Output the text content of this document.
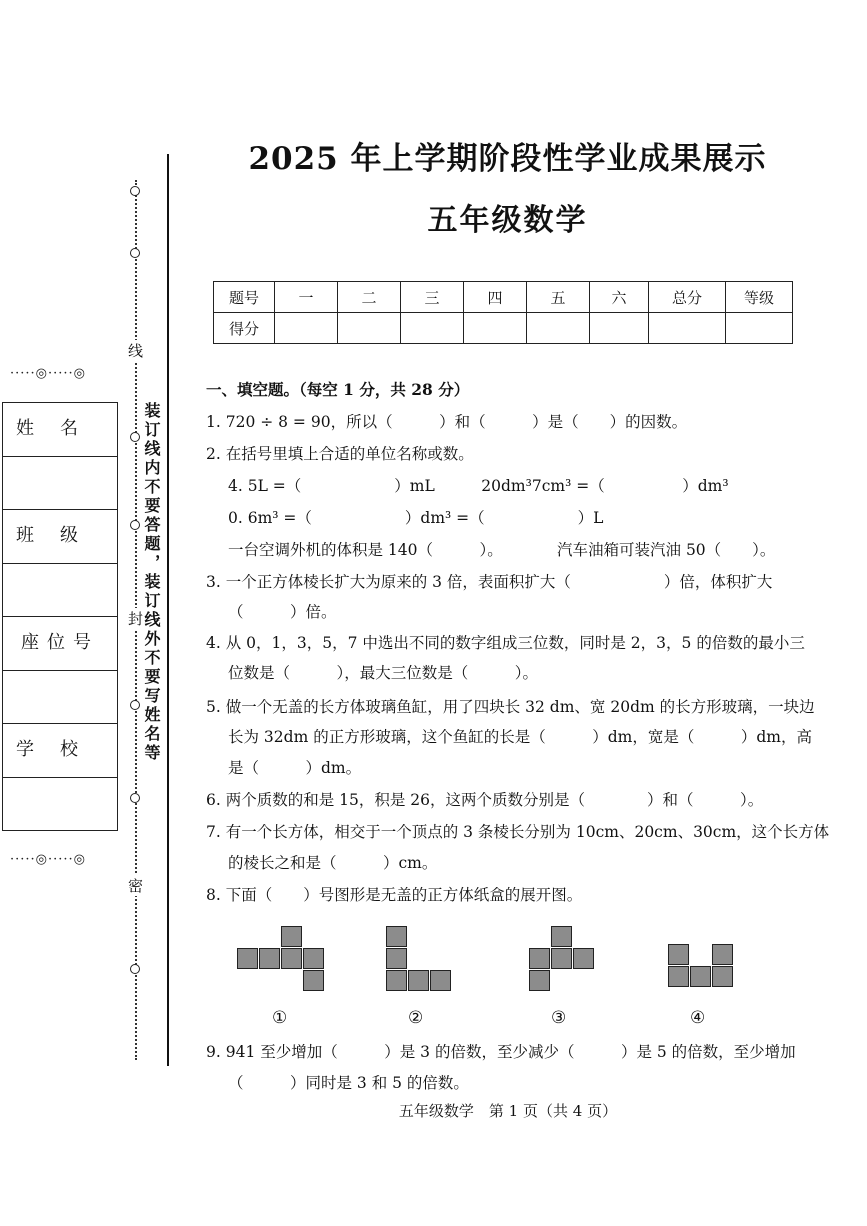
2025 年上学期阶段性学业成果展示
五年级数学
题号	一	二	三	四	五	六	总分	等级
得分								
线
封
密
装订线内不要答题，装订线外不要写姓名等
·····◎·····◎
·····◎·····◎
姓名
班级
座位号
学校
一、填空题。（每空 1 分，共 28 分）
1. 720 ÷ 8 = 90，所以（　　　）和（　　　）是（　　）的因数。
2. 在括号里填上合适的单位名称或数。
4. 5L =（　　　　　　）mL　　　20dm³7cm³ =（　　　　　）dm³
0. 6m³ =（　　　　　　）dm³ =（　　　　　　）L
一台空调外机的体积是 140（　　　）。　　　　汽车油箱可装汽油 50（　　）。
3. 一个正方体棱长扩大为原来的 3 倍，表面积扩大（　　　　　　）倍，体积扩大
（　　　）倍。
4. 从 0，1，3，5，7 中选出不同的数字组成三位数，同时是 2，3，5 的倍数的最小三
位数是（　　　），最大三位数是（　　　）。
5. 做一个无盖的长方体玻璃鱼缸，用了四块长 32 dm、宽 20dm 的长方形玻璃，一块边
长为 32dm 的正方形玻璃，这个鱼缸的长是（　　　）dm，宽是（　　　）dm，高
是（　　　）dm。
6. 两个质数的和是 15，积是 26，这两个质数分别是（　　　　）和（　　　）。
7. 有一个长方体，相交于一个顶点的 3 条棱长分别为 10cm、20cm、30cm，这个长方体
的棱长之和是（　　　）cm。
8. 下面（　　）号图形是无盖的正方体纸盒的展开图。
①	②	③	④
9. 941 至少增加（　　　）是 3 的倍数，至少减少（　　　）是 5 的倍数，至少增加
（　　　）同时是 3 和 5 的倍数。
五年级数学　第 1 页（共 4 页）
